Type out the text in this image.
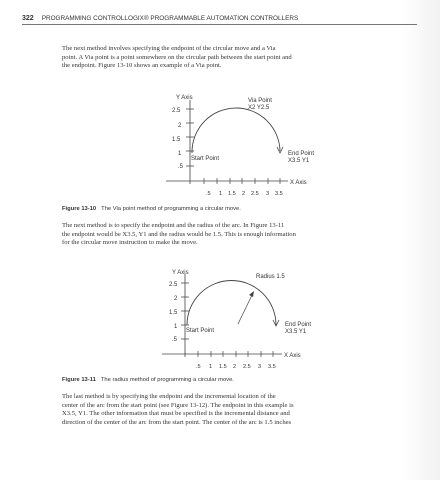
322 PROGRAMMING CONTROLLOGIX® PROGRAMMABLE AUTOMATION CONTROLLERS

The next method involves specifying the endpoint of the circular move and a Via
point. A Via point is a point somewhere on the circular path between the start point and
the endpoint. Figure 13-10 shows an example of a Via point.

Y Axis
.5 1 1.5 2 2.5 3 3.5
2.5
2
1.5
1
.5
X Axis
Via Point
X2 Y2.5
End Point
X3.5 Y1
Start Point
Figure 13-10 The Via point method of programming a circular move.

The next method is to specify the endpoint and the radius of the arc. In Figure 13-11
the endpoint would be X3.5, Y1 and the radius would be 1.5. This is enough information
for the circular move instruction to make the move.

Y Axis
.5 1 1.5 2 2.5 3 3.5
2.5
2
1.5
1
.5
X Axis
Radius 1.5
End Point
X3.5 Y1
Start Point
Figure 13-11 The radius method of programming a circular move.

The last method is by specifying the endpoint and the incremental location of the
center of the arc from the start point (see Figure 13-12). The endpoint in this example is
X3.5, Y1. The other information that must be specified is the incremental distance and
direction of the center of the arc from the start point. The center of the arc is 1.5 inches
